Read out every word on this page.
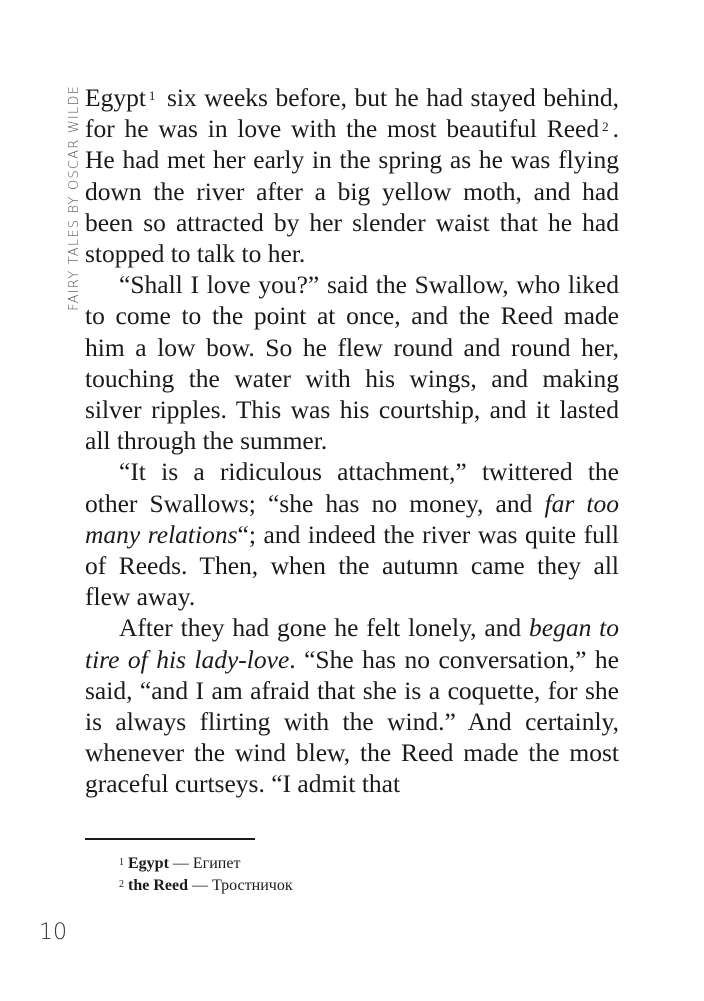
FAIRY TALES BY OSCAR WILDE Egypt $^1$ six weeks before, but he had stayed behind, for he was in love with the most beautiful Reed $^2$ . He had met her early in the spring as he was flying down the river after a big yellow moth, and had been so attracted by her slender waist that he had stopped to talk to her.

“Shall I love you?” said the Swallow, who liked to come to the point at once, and the Reed made him a low bow. So he flew round and round her, touching the water with his wings, and making silver ripples. This was his courtship, and it lasted all through the summer.

“It is a ridiculous attachment,” twittered the other Swallows; “she has no money, and far too many relations“; and indeed the river was quite full of Reeds. Then, when the autumn came they all flew away.

After they had gone he felt lonely, and began to tire of his lady-love. “She has no conversation,” he said, “and I am afraid that she is a coquette, for she is always flirting with the wind.” And certainly, whenever the wind blew, the Reed made the most graceful curtseys. “I admit that

$^1$ Egypt — Египет
$^2$ the Reed — Тростничок
10
